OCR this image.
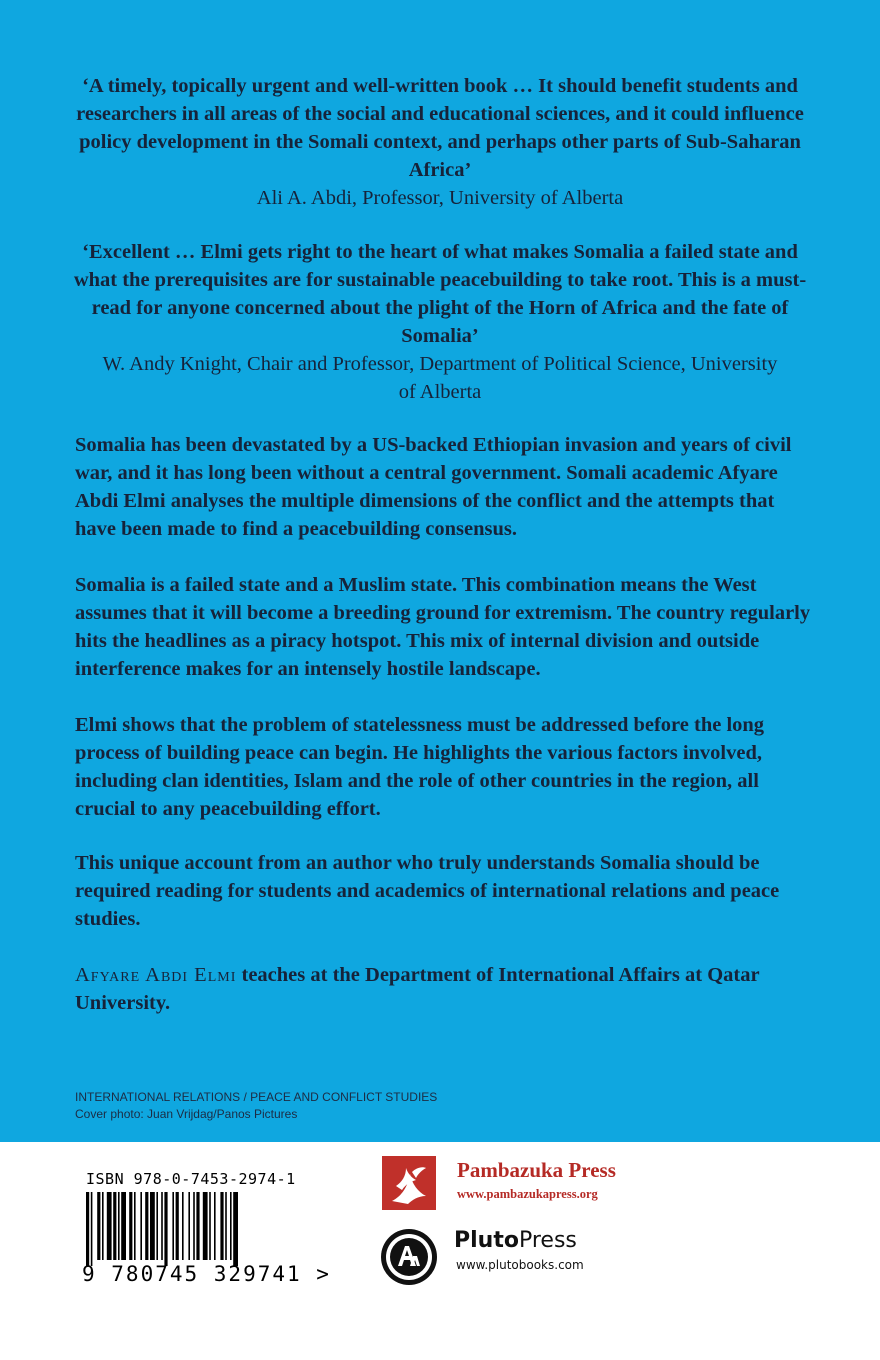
‘A timely, topically urgent and well-written book … It should benefit students and researchers in all areas of the social and educational sciences, and it could influence policy development in the Somali context, and perhaps other parts of Sub-Saharan Africa’
Ali A. Abdi, Professor, University of Alberta
‘Excellent … Elmi gets right to the heart of what makes Somalia a failed state and what the prerequisites are for sustainable peacebuilding to take root. This is a must-read for anyone concerned about the plight of the Horn of Africa and the fate of Somalia’
W. Andy Knight, Chair and Professor, Department of Political Science, University of Alberta

Somalia has been devastated by a US-backed Ethiopian invasion and years of civil war, and it has long been without a central government. Somali academic Afyare Abdi Elmi analyses the multiple dimensions of the conflict and the attempts that have been made to find a peacebuilding consensus.

Somalia is a failed state and a Muslim state. This combination means the West assumes that it will become a breeding ground for extremism. The country regularly hits the headlines as a piracy hotspot. This mix of internal division and outside interference makes for an intensely hostile landscape.

Elmi shows that the problem of statelessness must be addressed before the long process of building peace can begin. He highlights the various factors involved, including clan identities, Islam and the role of other countries in the region, all crucial to any peacebuilding effort.

This unique account from an author who truly understands Somalia should be required reading for students and academics of international relations and peace studies.

Afyare Abdi Elmi teaches at the Department of International Affairs at Qatar University.
INTERNATIONAL RELATIONS / PEACE AND CONFLICT STUDIES
Cover photo: Juan Vrijdag/Panos Pictures
ISBN 978-0-7453-2974-1
9 780745 329741 >
Pambazuka Press
www.pambazukapress.org
PlutoPress
www.plutobooks.com
